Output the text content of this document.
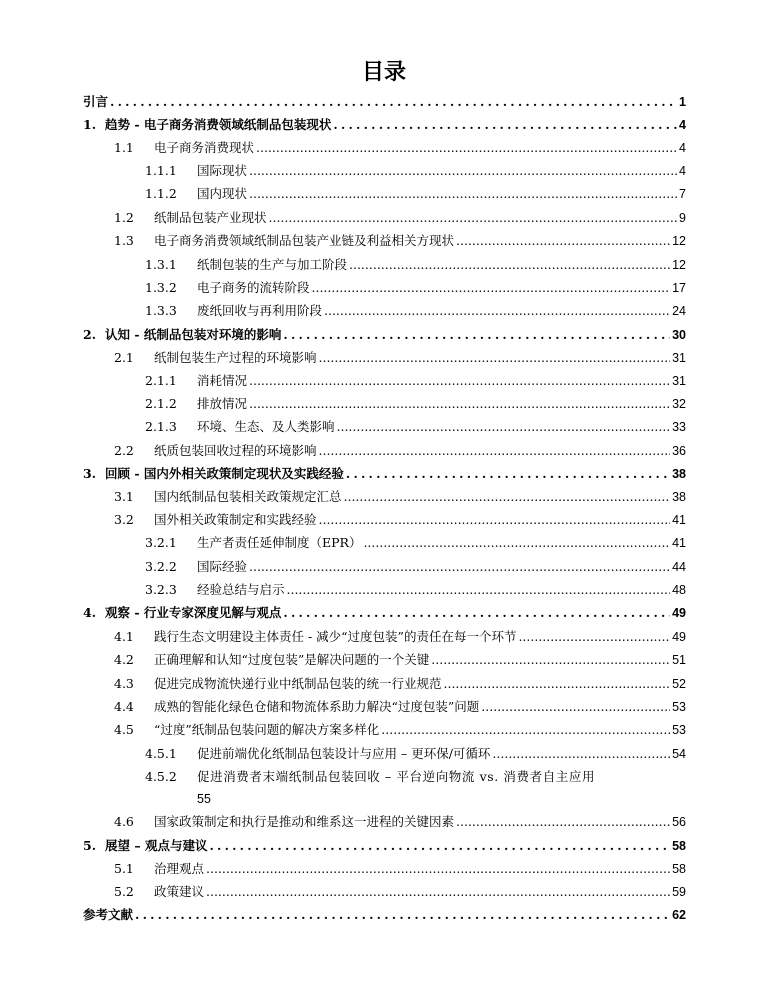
目录
引言 .....	1
1. 趋势 - 电子商务消费领域纸制品包装现状 .....	4
1.1	电子商务消费现状 .....	4
1.1.1	国际现状 .....	4
1.1.2	国内现状 .....	7
1.2	纸制品包装产业现状 .....	9
1.3	电子商务消费领域纸制品包装产业链及利益相关方现状 .....	12
1.3.1	纸制包装的生产与加工阶段 .....	12
1.3.2	电子商务的流转阶段 .....	17
1.3.3	废纸回收与再利用阶段 .....	24
2. 认知 - 纸制品包装对环境的影响 .....	30
2.1	纸制包装生产过程的环境影响 .....	31
2.1.1	消耗情况 .....	31
2.1.2	排放情况 .....	32
2.1.3	环境、生态、及人类影响 .....	33
2.2	纸质包装回收过程的环境影响 .....	36
3. 回顾 - 国内外相关政策制定现状及实践经验 .....	38
3.1	国内纸制品包装相关政策规定汇总 .....	38
3.2	国外相关政策制定和实践经验 .....	41
3.2.1	生产者责任延伸制度（EPR） .....	41
3.2.2	国际经验 .....	44
3.2.3	经验总结与启示 .....	48
4. 观察 - 行业专家深度见解与观点 .....	49
4.1	践行生态文明建设主体责任 - 减少“过度包装”的责任在每一个环节 .....	49
4.2	正确理解和认知“过度包装”是解决问题的一个关键 .....	51
4.3	促进完成物流快递行业中纸制品包装的统一行业规范 .....	52
4.4	成熟的智能化绿色仓储和物流体系助力解决“过度包装”问题 .....	53
4.5	“过度”纸制品包装问题的解决方案多样化 .....	53
4.5.1	促进前端优化纸制品包装设计与应用 – 更环保/可循环 .....	54
4.5.2	促进消费者末端纸制品包装回收 – 平台逆向物流 vs. 消费者自主应用
55
4.6	国家政策制定和执行是推动和维系这一进程的关键因素 .....	56
5. 展望 – 观点与建议 .....	58
5.1	治理观点 .....	58
5.2	政策建议 .....	59
参考文献 .....	62
